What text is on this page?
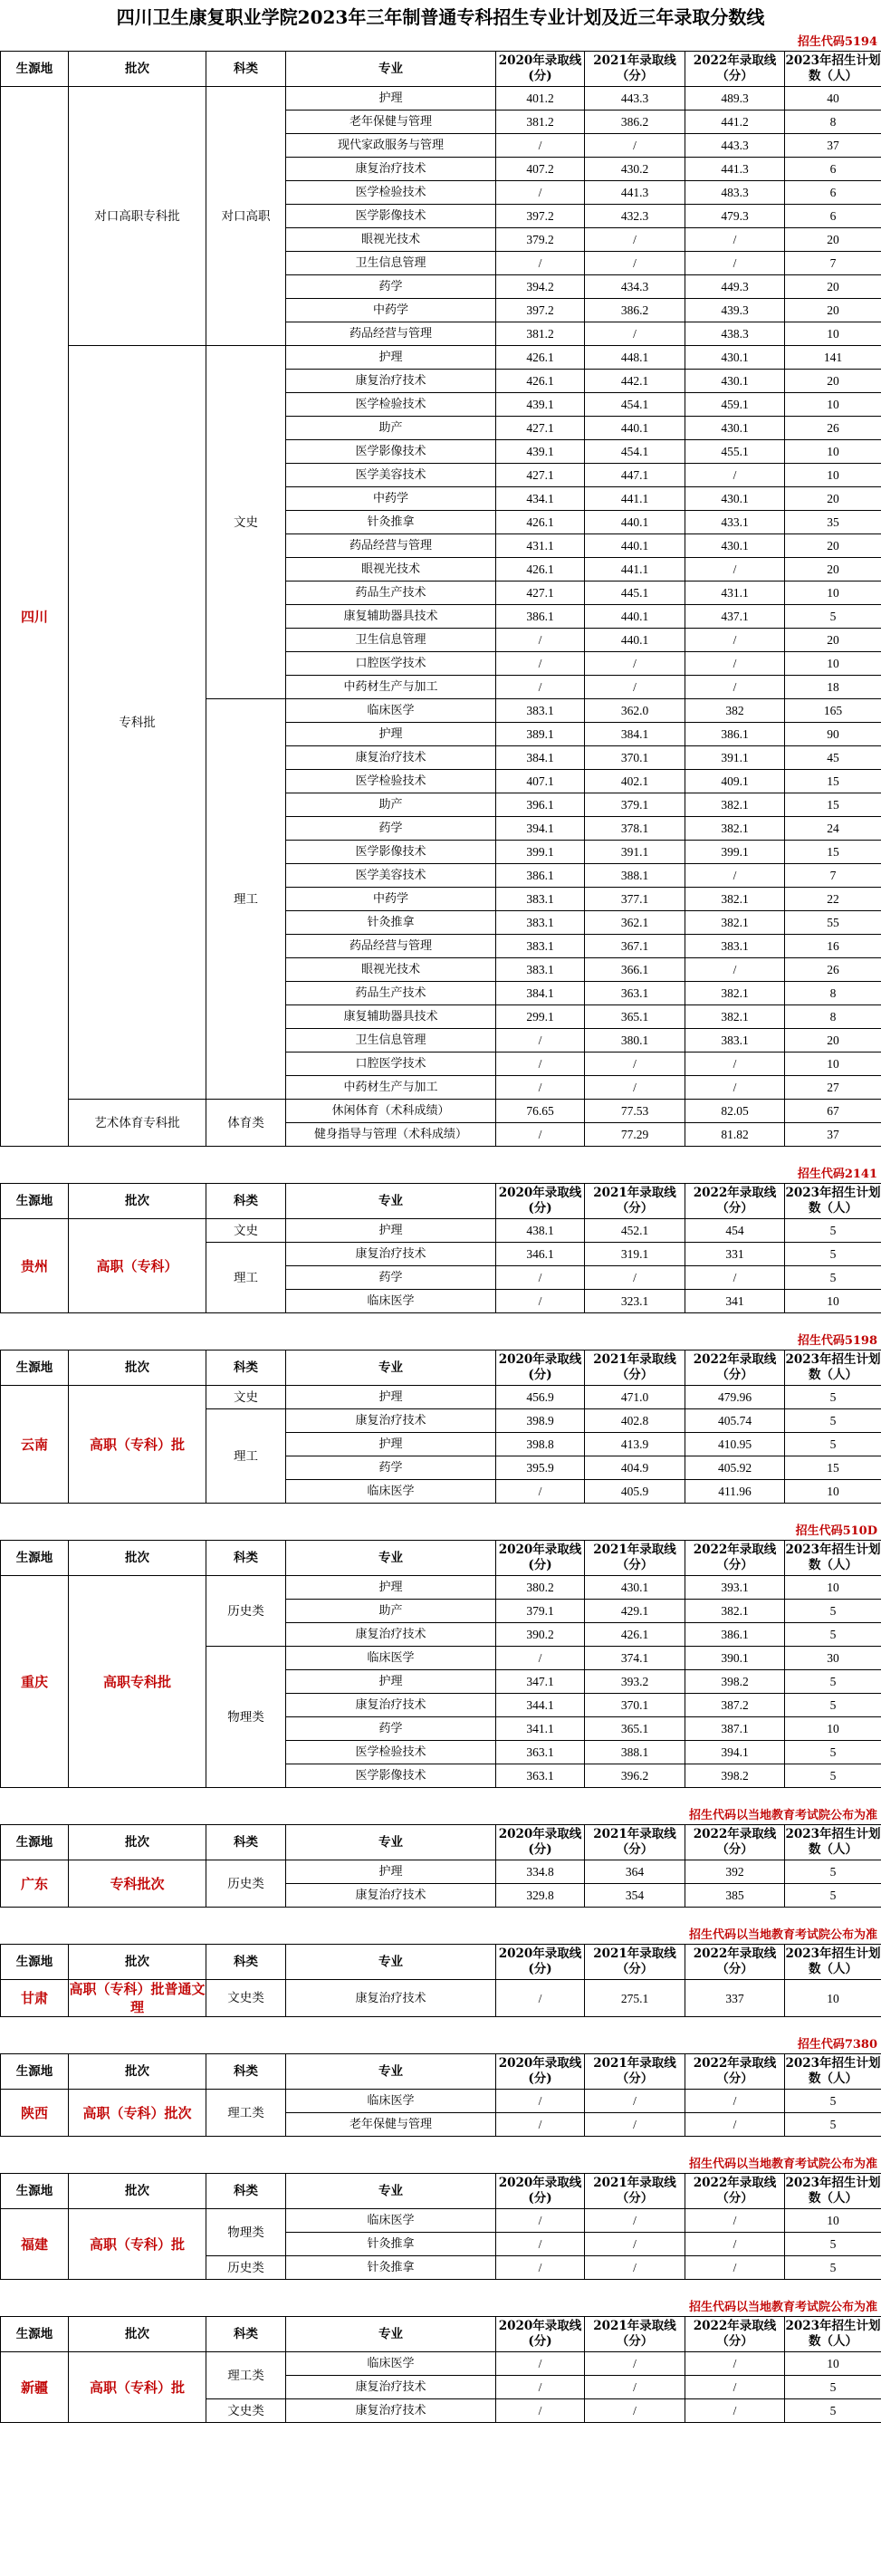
四川卫生康复职业学院2023年三年制普通专科招生专业计划及近三年录取分数线
招生代码5194
生源地	批次	科类	专业	2020年录取线(分)	2021年录取线（分）	2022年录取线（分）	2023年招生计划数（人）
四川	对口高职专科批	对口高职	护理	401.2	443.3	489.3	40
			老年保健与管理	381.2	386.2	441.2	8
			现代家政服务与管理	/	/	443.3	37
			康复治疗技术	407.2	430.2	441.3	6
			医学检验技术	/	441.3	483.3	6
			医学影像技术	397.2	432.3	479.3	6
			眼视光技术	379.2	/	/	20
			卫生信息管理	/	/	/	7
			药学	394.2	434.3	449.3	20
			中药学	397.2	386.2	439.3	20
			药品经营与管理	381.2	/	438.3	10
	专科批	文史	护理	426.1	448.1	430.1	141
			康复治疗技术	426.1	442.1	430.1	20
			医学检验技术	439.1	454.1	459.1	10
			助产	427.1	440.1	430.1	26
			医学影像技术	439.1	454.1	455.1	10
			医学美容技术	427.1	447.1	/	10
			中药学	434.1	441.1	430.1	20
			针灸推拿	426.1	440.1	433.1	35
			药品经营与管理	431.1	440.1	430.1	20
			眼视光技术	426.1	441.1	/	20
			药品生产技术	427.1	445.1	431.1	10
			康复辅助器具技术	386.1	440.1	437.1	5
			卫生信息管理	/	440.1	/	20
			口腔医学技术	/	/	/	10
			中药材生产与加工	/	/	/	18
		理工	临床医学	383.1	362.0	382	165
			护理	389.1	384.1	386.1	90
			康复治疗技术	384.1	370.1	391.1	45
			医学检验技术	407.1	402.1	409.1	15
			助产	396.1	379.1	382.1	15
			药学	394.1	378.1	382.1	24
			医学影像技术	399.1	391.1	399.1	15
			医学美容技术	386.1	388.1	/	7
			中药学	383.1	377.1	382.1	22
			针灸推拿	383.1	362.1	382.1	55
			药品经营与管理	383.1	367.1	383.1	16
			眼视光技术	383.1	366.1	/	26
			药品生产技术	384.1	363.1	382.1	8
			康复辅助器具技术	299.1	365.1	382.1	8
			卫生信息管理	/	380.1	383.1	20
			口腔医学技术	/	/	/	10
			中药材生产与加工	/	/	/	27
	艺术体育专科批	体育类	休闲体育（术科成绩）	76.65	77.53	82.05	67
			健身指导与管理（术科成绩）	/	77.29	81.82	37
招生代码2141
生源地	批次	科类	专业	2020年录取线(分)	2021年录取线（分）	2022年录取线（分）	2023年招生计划数（人）
贵州	高职（专科）	文史	护理	438.1	452.1	454	5
		理工	康复治疗技术	346.1	319.1	331	5
			药学	/	/	/	5
			临床医学	/	323.1	341	10
招生代码5198
生源地	批次	科类	专业	2020年录取线(分)	2021年录取线（分）	2022年录取线（分）	2023年招生计划数（人）
云南	高职（专科）批	文史	护理	456.9	471.0	479.96	5
		理工	康复治疗技术	398.9	402.8	405.74	5
			护理	398.8	413.9	410.95	5
			药学	395.9	404.9	405.92	15
			临床医学	/	405.9	411.96	10
招生代码510D
生源地	批次	科类	专业	2020年录取线(分)	2021年录取线（分）	2022年录取线（分）	2023年招生计划数（人）
重庆	高职专科批	历史类	护理	380.2	430.1	393.1	10
			助产	379.1	429.1	382.1	5
			康复治疗技术	390.2	426.1	386.1	5
		物理类	临床医学	/	374.1	390.1	30
			护理	347.1	393.2	398.2	5
			康复治疗技术	344.1	370.1	387.2	5
			药学	341.1	365.1	387.1	10
			医学检验技术	363.1	388.1	394.1	5
			医学影像技术	363.1	396.2	398.2	5
招生代码以当地教育考试院公布为准
生源地	批次	科类	专业	2020年录取线(分)	2021年录取线（分）	2022年录取线（分）	2023年招生计划数（人）
广东	专科批次	历史类	护理	334.8	364	392	5
			康复治疗技术	329.8	354	385	5
招生代码以当地教育考试院公布为准
生源地	批次	科类	专业	2020年录取线(分)	2021年录取线（分）	2022年录取线（分）	2023年招生计划数（人）
甘肃	高职（专科）批普通文理	文史类	康复治疗技术	/	275.1	337	10
招生代码7380
生源地	批次	科类	专业	2020年录取线(分)	2021年录取线（分）	2022年录取线（分）	2023年招生计划数（人）
陕西	高职（专科）批次	理工类	临床医学	/	/	/	5
			老年保健与管理	/	/	/	5
招生代码以当地教育考试院公布为准
生源地	批次	科类	专业	2020年录取线(分)	2021年录取线（分）	2022年录取线（分）	2023年招生计划数（人）
福建	高职（专科）批	物理类	临床医学	/	/	/	10
			针灸推拿	/	/	/	5
		历史类	针灸推拿	/	/	/	5
招生代码以当地教育考试院公布为准
生源地	批次	科类	专业	2020年录取线(分)	2021年录取线（分）	2022年录取线（分）	2023年招生计划数（人）
新疆	高职（专科）批	理工类	临床医学	/	/	/	10
			康复治疗技术	/	/	/	5
		文史类	康复治疗技术	/	/	/	5
